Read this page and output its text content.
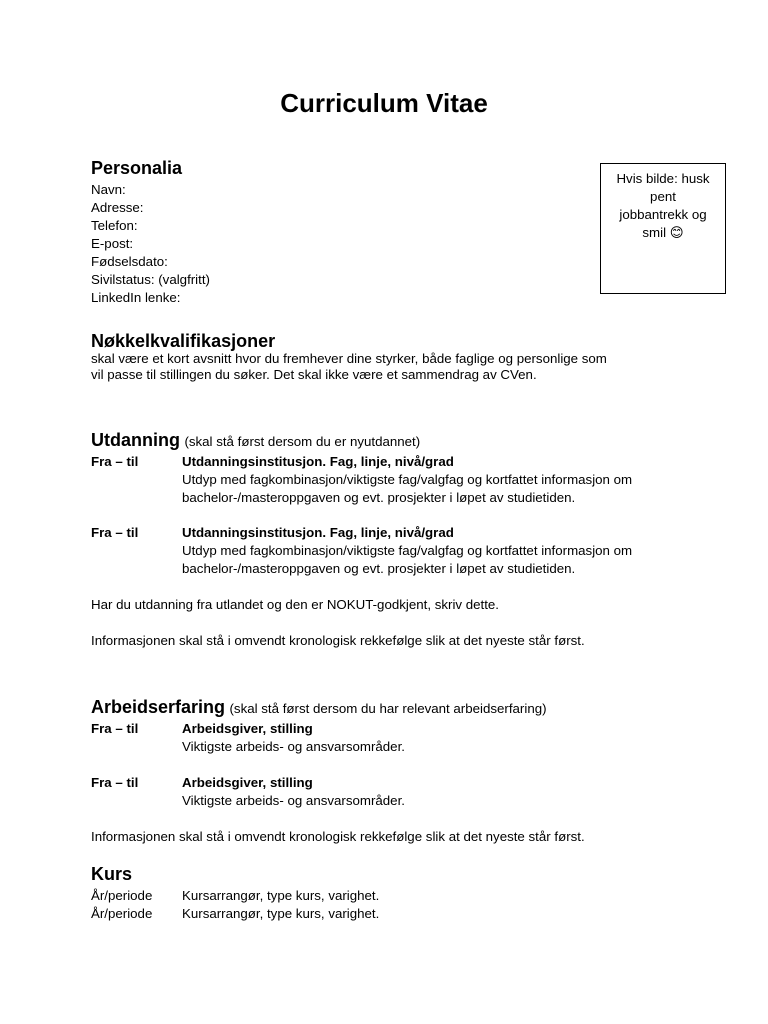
Curriculum Vitae
Personalia
Navn:
Adresse:
Telefon:
E-post:
Fødselsdato:
Sivilstatus: (valgfritt)
LinkedIn lenke:
Hvis bilde: husk
pent
jobbantrekk og
smil 😊
Nøkkelkvalifikasjoner
skal være et kort avsnitt hvor du fremhever dine styrker, både faglige og personlige som
vil passe til stillingen du søker. Det skal ikke være et sammendrag av CVen.
Utdanning (skal stå først dersom du er nyutdannet)
Fra – til	Utdanningsinstitusjon. Fag, linje, nivå/grad
Utdyp med fagkombinasjon/viktigste fag/valgfag og kortfattet informasjon om
bachelor-/masteroppgaven og evt. prosjekter i løpet av studietiden.
Fra – til	Utdanningsinstitusjon. Fag, linje, nivå/grad
Utdyp med fagkombinasjon/viktigste fag/valgfag og kortfattet informasjon om
bachelor-/masteroppgaven og evt. prosjekter i løpet av studietiden.
Har du utdanning fra utlandet og den er NOKUT-godkjent, skriv dette.
Informasjonen skal stå i omvendt kronologisk rekkefølge slik at det nyeste står først.
Arbeidserfaring (skal stå først dersom du har relevant arbeidserfaring)
Fra – til	Arbeidsgiver, stilling
Viktigste arbeids- og ansvarsområder.
Fra – til	Arbeidsgiver, stilling
Viktigste arbeids- og ansvarsområder.
Informasjonen skal stå i omvendt kronologisk rekkefølge slik at det nyeste står først.
Kurs
År/periode Kursarrangør, type kurs, varighet.
År/periode Kursarrangør, type kurs, varighet.
